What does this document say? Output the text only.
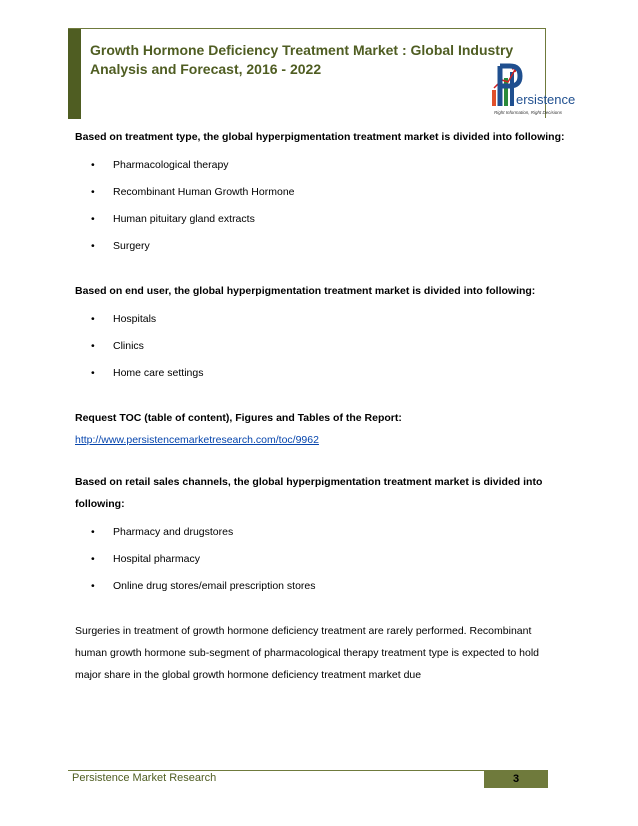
Growth Hormone Deficiency Treatment Market : Global Industry Analysis and Forecast, 2016 - 2022
ersistence
Right Information, Right Decisions

Based on treatment type, the global hyperpigmentation treatment market is divided into following:

• Pharmacological therapy
• Recombinant Human Growth Hormone
• Human pituitary gland extracts
• Surgery

Based on end user, the global hyperpigmentation treatment market is divided into following:

• Hospitals
• Clinics
• Home care settings

Request TOC (table of content), Figures and Tables of the Report:

http://www.persistencemarketresearch.com/toc/9962

Based on retail sales channels, the global hyperpigmentation treatment market is divided into following:

• Pharmacy and drugstores
• Hospital pharmacy
• Online drug stores/email prescription stores

Surgeries in treatment of growth hormone deficiency treatment are rarely performed. Recombinant human growth hormone sub-segment of pharmacological therapy treatment type is expected to hold major share in the global growth hormone deficiency treatment market due

Persistence Market Research	3
